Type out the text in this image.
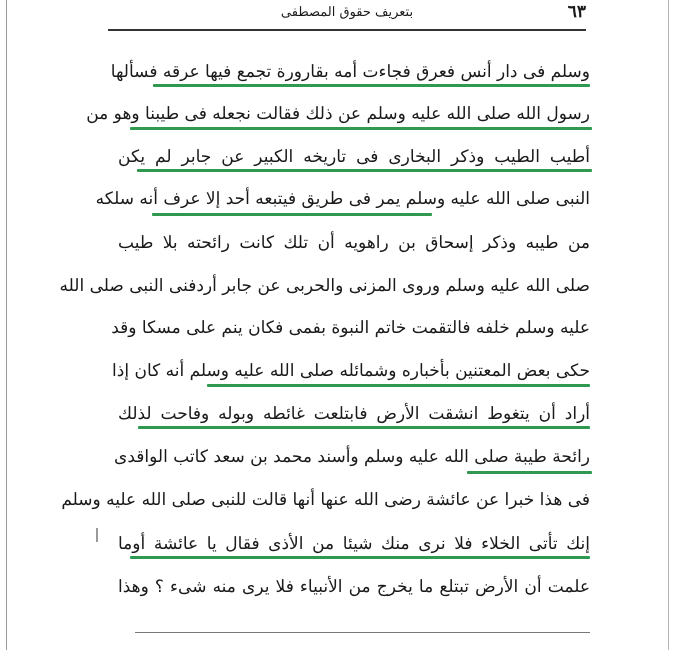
٦٣
بتعريف حقوق المصطفى
وسلم فى دار أنس فعرق فجاءت أمه بقارورة تجمع فيها عرقه فسألها
رسول الله صلى الله عليه وسلم عن ذلك فقالت نجعله فى طيبنا وهو من
أطيب الطيب وذكر البخارى فى تاريخه الكبير عن جابر لم يكن
النبى صلى الله عليه وسلم يمر فى طريق فيتبعه أحد إلا عرف أنه سلكه
من طيبه وذكر إسحاق بن راهويه أن تلك كانت رائحته بلا طيب
صلى الله عليه وسلم وروى المزنى والحربى عن جابر أردفنى النبى صلى الله
عليه وسلم خلفه فالتقمت خاتم النبوة بفمى فكان ينم على مسكا وقد
حكى بعض المعتنين بأخباره وشمائله صلى الله عليه وسلم أنه كان إذا
أراد أن يتغوط انشقت الأرض فابتلعت غائطه وبوله وفاحت لذلك
رائحة طيبة صلى الله عليه وسلم وأسند محمد بن سعد كاتب الواقدى
فى هذا خبرا عن عائشة رضى الله عنها أنها قالت للنبى صلى الله عليه وسلم
إنك تأتى الخلاء فلا نرى منك شيئا من الأذى فقال يا عائشة أوما
علمت أن الأرض تبتلع ما يخرج من الأنبياء فلا يرى منه شىء ؟ وهذا
